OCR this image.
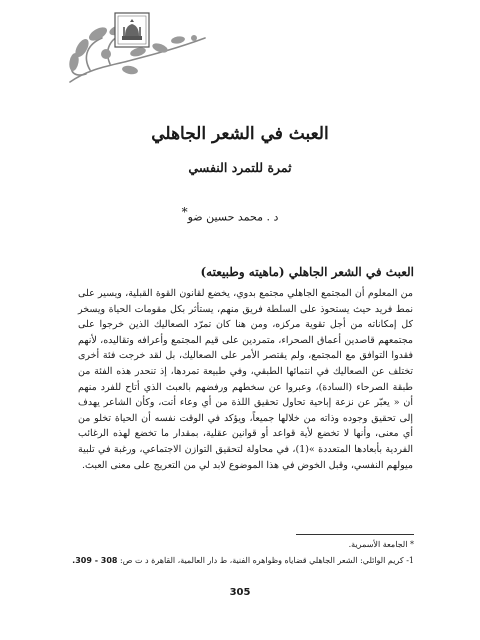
العبث في الشعر الجاهلي
ثمرة للتمرد النفسي
د . محمد حسين ضو*
العبث في الشعر الجاهلي (ماهيته وطبيعته)

من المعلوم أن المجتمع الجاهلي مجتمع بدوي، يخضع لقانون القوة القبلية، ويسير على نمط فريد حيث يستحوذ على السلطة فريق منهم، يستأثر بكل مقومات الحياة ويسخر كل إمكاناته من أجل تقوية مركزه، ومن هنا كان تمرّد الصعاليك الذين خرجوا على مجتمعهم قاصدين أعماق الصحراء، متمردين على قيم المجتمع وأعرافه وتقاليده، لأنهم فقدوا التوافق مع المجتمع، ولم يقتصر الأمر على الصعاليك، بل لقد خرجت فئة أخرى تختلف عن الصعاليك في انتمائها الطبقي، وفي طبيعة تمردها، إذ تنحدر هذه الفئة من طبقة الصرحاء (السادة)، وعبروا عن سخطهم ورفضهم بالعبث الذي أتاح للفرد منهم أن « يعبّر عن نزعة إباحية تحاول تحقيق اللذة من أي وعاء أتت، وكأن الشاعر يهدف إلى تحقيق وجوده وذاته من خلالها جميعاً، ويؤكد في الوقت نفسه أن الحياة تخلو من أي معنى، وأنها لا تخضع لأية قواعد أو قوانين عقلية، بمقدار ما تخضع لهذه الرغائب الفردية بأبعادها المتعددة »(1)، في محاولة لتحقيق التوازن الاجتماعي، ورغبة في تلبية ميولهم النفسي، وقبل الخوض في هذا الموضوع لابد لي من التعريج على معنى العبث.

* الجامعة الأسمرية.
1- كريم الوائلي: الشعر الجاهلي قضاياه وظواهره الفنية، ط دار العالمية، القاهرة د ت ص: 308 - 309.
305
